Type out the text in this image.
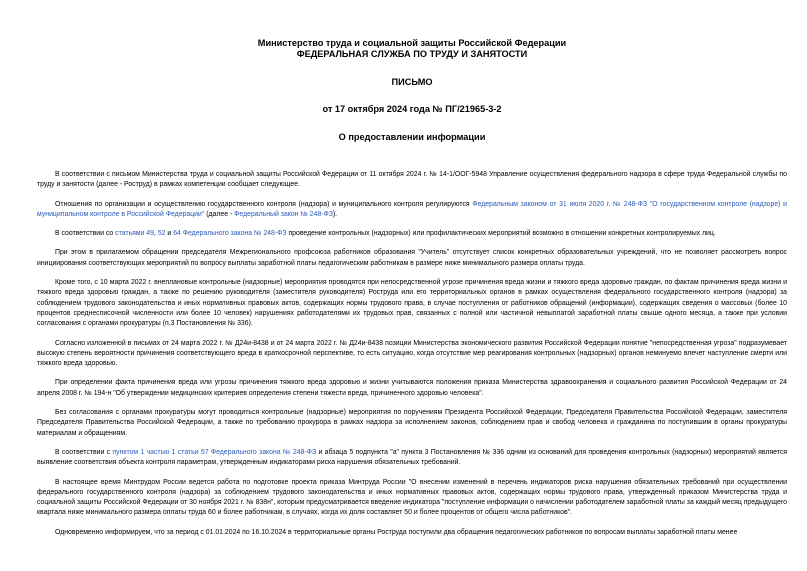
Министерство труда и социальной защиты Российской Федерации
ФЕДЕРАЛЬНАЯ СЛУЖБА ПО ТРУДУ И ЗАНЯТОСТИ
ПИСЬМО
от 17 октября 2024 года № ПГ/21965-3-2
О предоставлении информации

В соответствии с письмом Министерства труда и социальной защиты Российской Федерации от 11 октября 2024 г. № 14-1/ООГ-5948 Управление осуществления федерального надзора в сфере труда Федеральной службы по труду и занятости (далее - Роструд) в рамках компетенции сообщает следующее.

Отношения по организации и осуществлению государственного контроля (надзора) и муниципального контроля регулируются Федеральным законом от 31 июля 2020 г. № 248-ФЗ "О государственном контроле (надзоре) и муниципальном контроле в Российской Федерации" (далее - Федеральный закон № 248-ФЗ).

В соответствии со статьями 49, 52 и 64 Федерального закона № 248-ФЗ проведение контрольных (надзорных) или профилактических мероприятий возможно в отношении конкретных контролируемых лиц.

При этом в прилагаемом обращении председателя Межрегионального профсоюза работников образования "Учитель" отсутствует список конкретных образовательных учреждений, что не позволяет рассмотреть вопрос инициирования соответствующих мероприятий по вопросу выплаты заработной платы педагогическим работникам в размере ниже минимального размера оплаты труда.

Кроме того, с 10 марта 2022 г. внеплановые контрольные (надзорные) мероприятия проводятся при непосредственной угрозе причинения вреда жизни и тяжкого вреда здоровью граждан, по фактам причинения вреда жизни и тяжкого вреда здоровью граждан, а также по решению руководителя (заместителя руководителя) Роструда или его территориальных органов в рамках осуществления федерального государственного контроля (надзора) за соблюдением трудового законодательства и иных нормативных правовых актов, содержащих нормы трудового права, в случае поступления от работников обращений (информации), содержащих сведения о массовых (более 10 процентов среднесписочной численности или более 10 человек) нарушениях работодателями их трудовых прав, связанных с полной или частичной невыплатой заработной платы свыше одного месяца, а также при условии согласования с органами прокуратуры (п.3 Постановления № 336).

Согласно изложенной в письмах от 24 марта 2022 г. № Д24и-8438 и от 24 марта 2022 г. № Д24и-8438 позиции Министерства экономического развития Российской Федерации понятие "непосредственная угроза" подразумевает высокую степень вероятности причинения соответствующего вреда в краткосрочной перспективе, то есть ситуацию, когда отсутствие мер реагирования контрольных (надзорных) органов неминуемо влечет наступление смерти или тяжкого вреда здоровью.

При определении факта причинения вреда или угрозы причинения тяжкого вреда здоровью и жизни учитываются положения приказа Министерства здравоохранения и социального развития Российской Федерации от 24 апреля 2008 г. № 194-н "Об утверждении медицинских критериев определения степени тяжести вреда, причиненного здоровью человека".

Без согласования с органами прокуратуры могут проводиться контрольные (надзорные) мероприятия по поручениям Президента Российской Федерации, Председателя Правительства Российской Федерации, заместителя Председателя Правительства Российской Федерации, а также по требованию прокурора в рамках надзора за исполнением законов, соблюдением прав и свобод человека и гражданина по поступившим в органы прокуратуры материалам и обращениям.

В соответствии с пунктом 1 частью 1 статьи 57 Федерального закона № 248-ФЗ и абзаца 5 подпункта "а" пункта 3 Постановления № 336 одним из оснований для проведения контрольных (надзорных) мероприятий является выявление соответствия объекта контроля параметрам, утвержденным индикаторами риска нарушения обязательных требований.

В настоящее время Минтрудом России ведется работа по подготовке проекта приказа Минтруда России "О внесении изменений в перечень индикаторов риска нарушения обязательных требований при осуществлении федерального государственного контроля (надзора) за соблюдением трудового законодательства и иных нормативных правовых актов, содержащих нормы трудового права, утвержденный приказом Министерства труда и социальной защиты Российской Федерации от 30 ноября 2021 г. № 838н", которым предусматривается введение индикатора "поступление информации о начислении работодателем заработной платы за каждый месяц предыдущего квартала ниже минимального размера оплаты труда 60 и более работникам, в случаях, когда их доля составляет 50 и более процентов от общего числа работников".

Одновременно информируем, что за период с 01.01.2024 по 16.10.2024 в территориальные органы Роструда поступили два обращения педагогических работников по вопросам выплаты заработной платы менее
